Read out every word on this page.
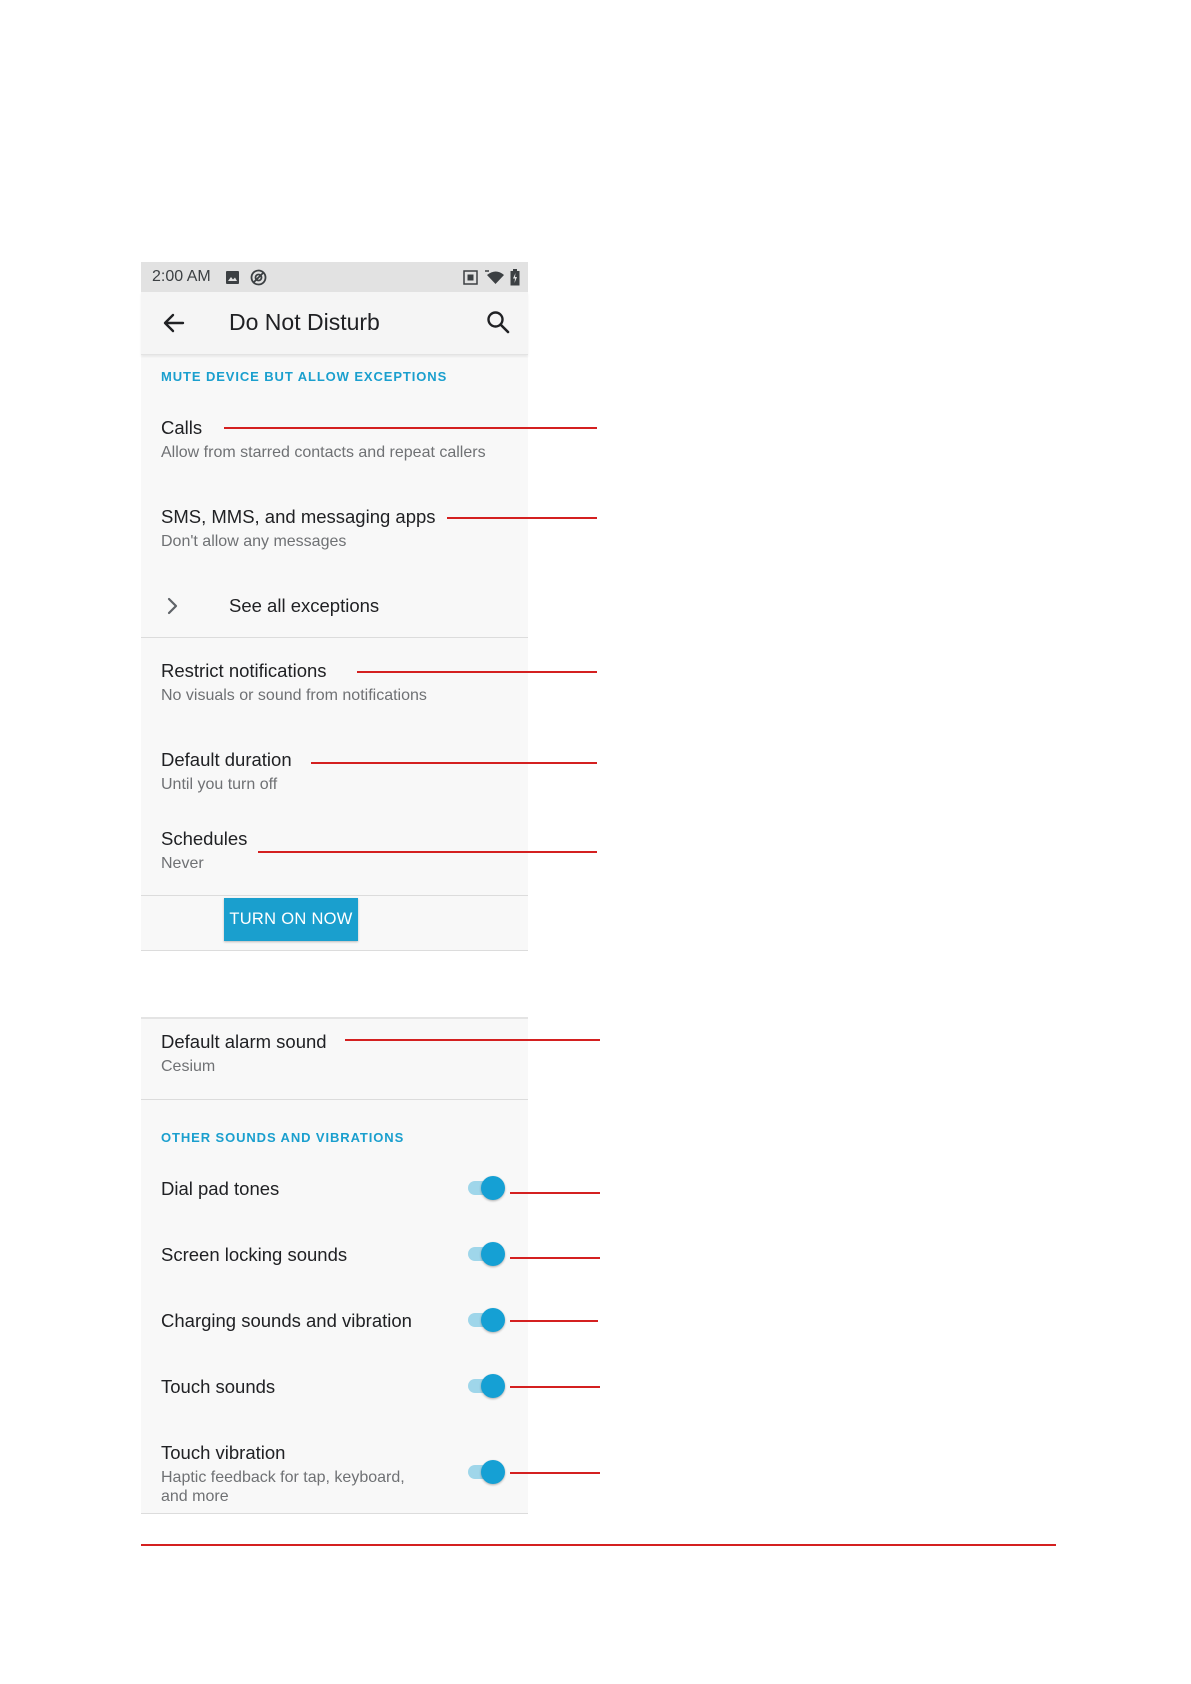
2:00 AM
Do Not Disturb
MUTE DEVICE BUT ALLOW EXCEPTIONS
Calls
Allow from starred contacts and repeat callers
SMS, MMS, and messaging apps
Don't allow any messages
See all exceptions
Restrict notifications
No visuals or sound from notifications
Default duration
Until you turn off
Schedules
Never
TURN ON NOW
Default alarm sound
Cesium
OTHER SOUNDS AND VIBRATIONS
Dial pad tones
Screen locking sounds
Charging sounds and vibration
Touch sounds
Touch vibration
Haptic feedback for tap, keyboard,
and more
